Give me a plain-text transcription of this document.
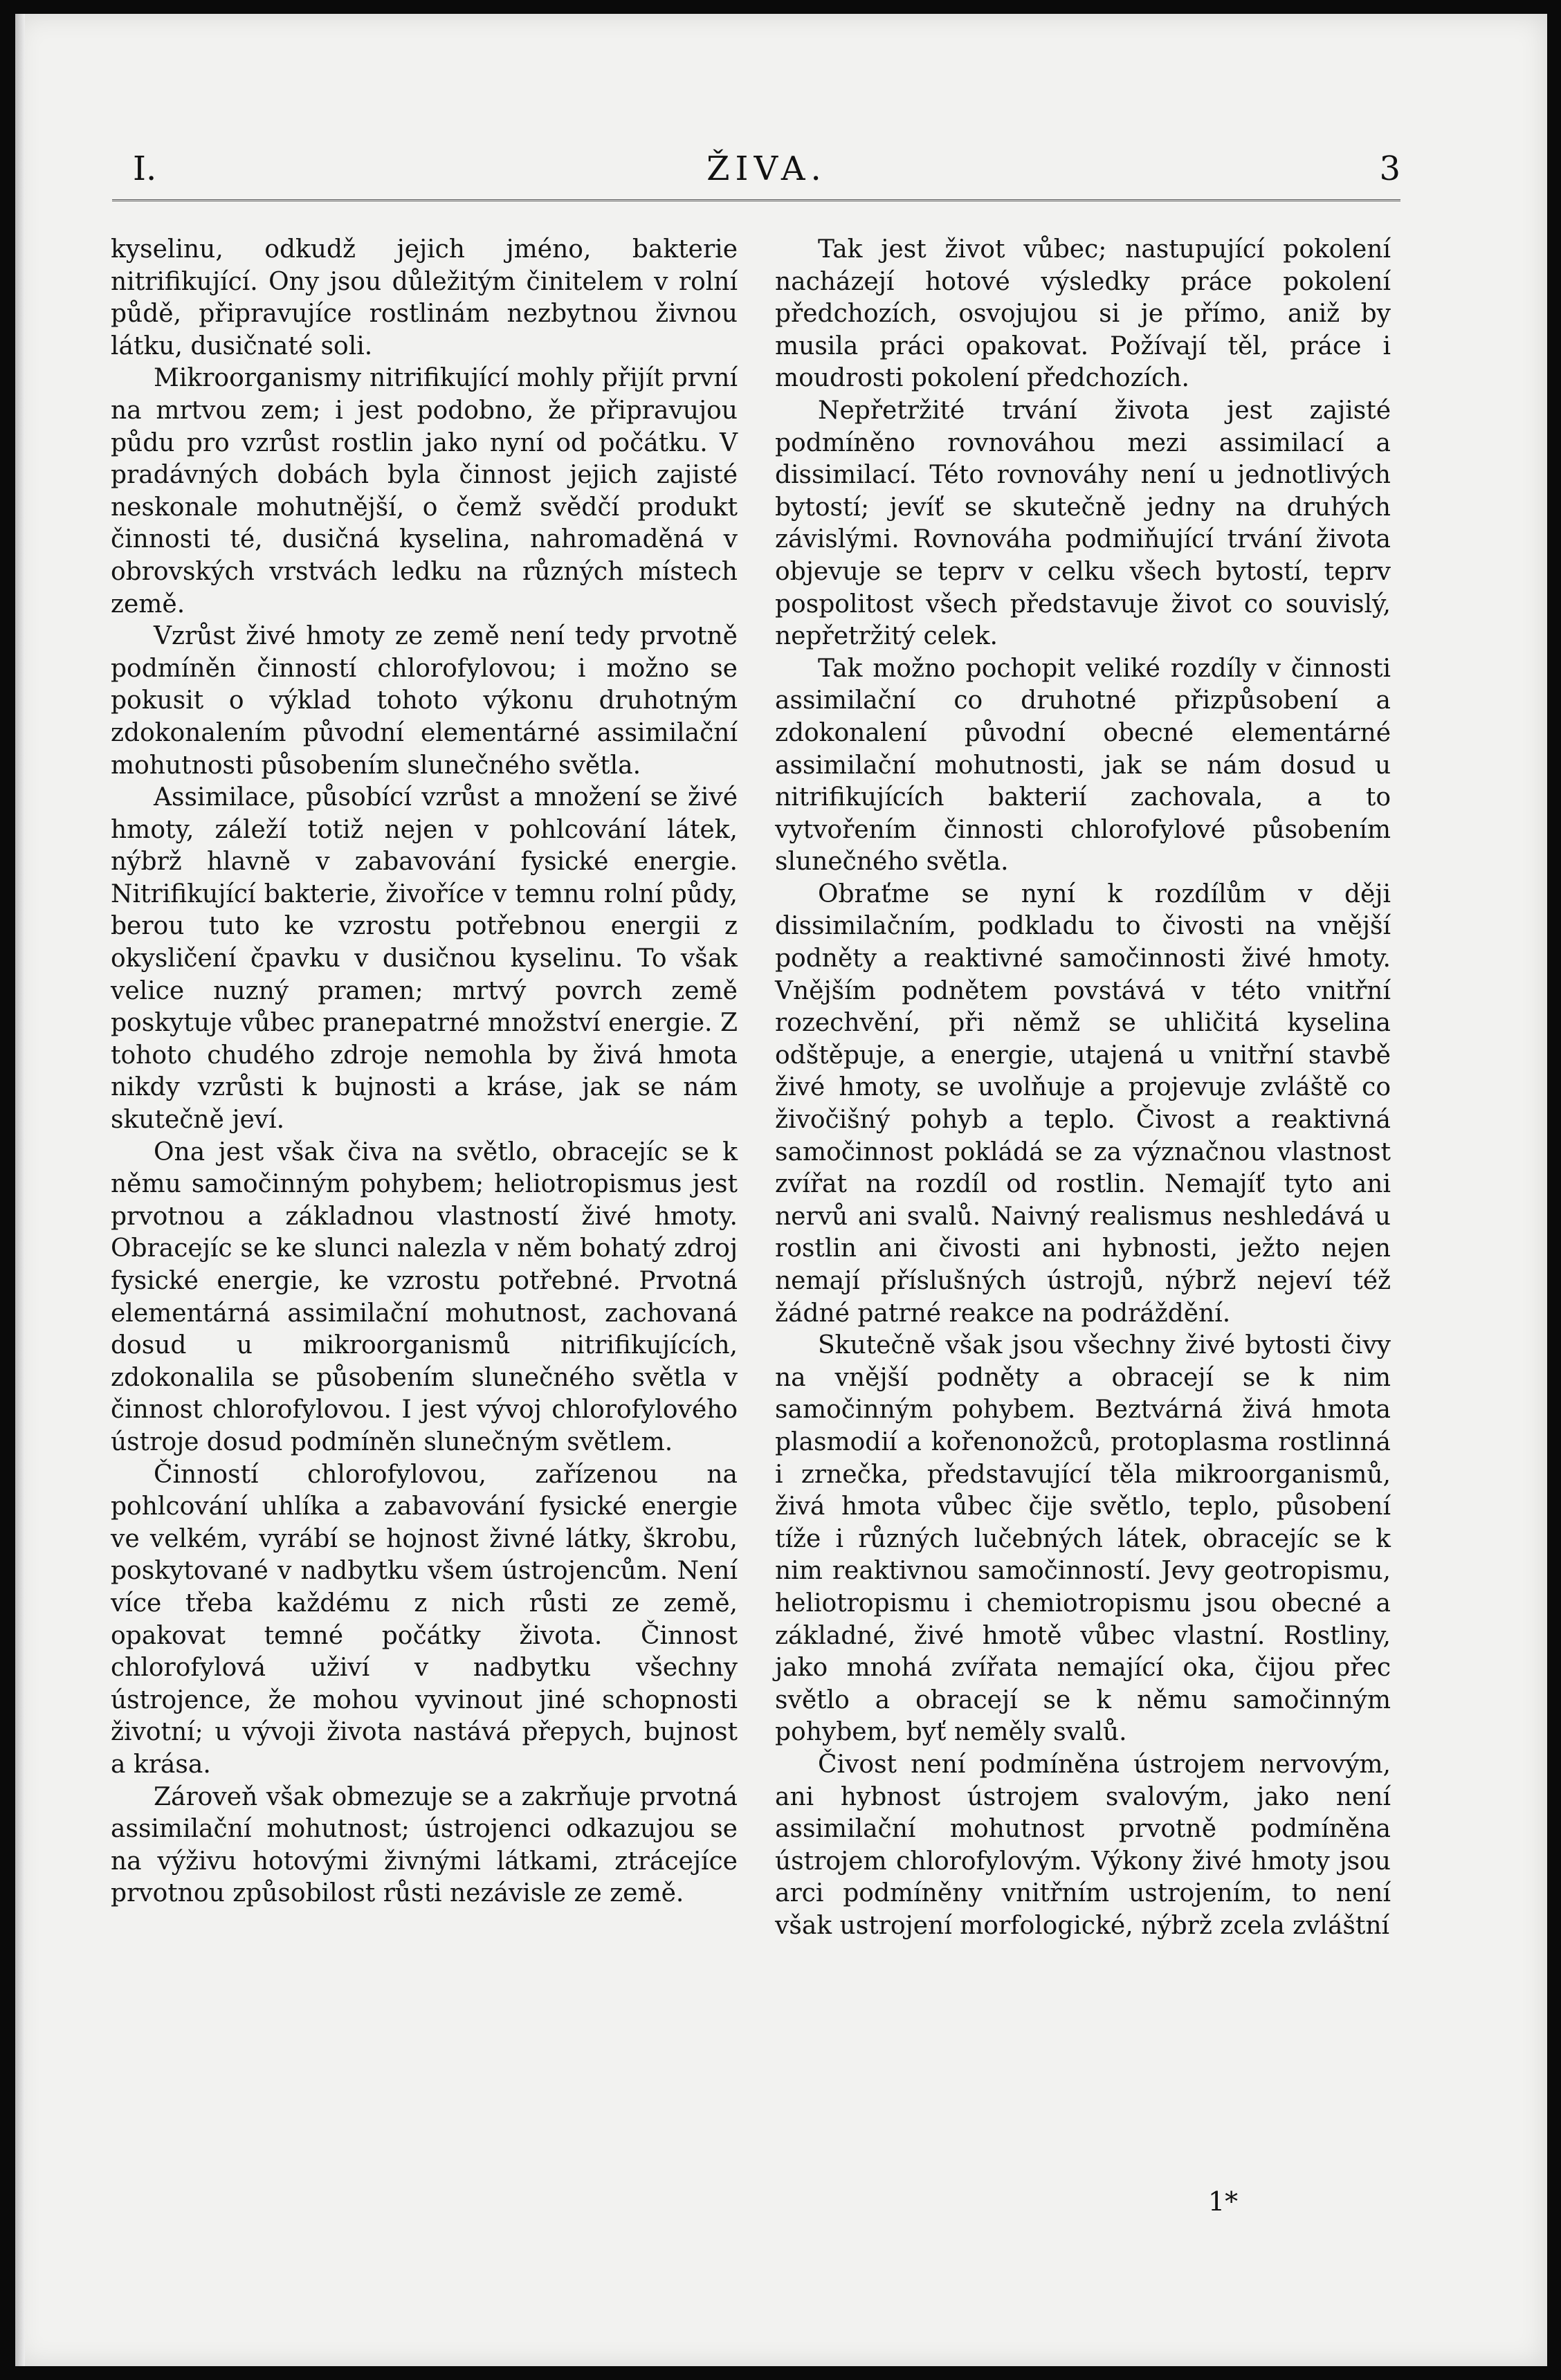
I.	ŽIVA.	3

kyselinu, odkudž jejich jméno, bakterie nitrifikující. Ony jsou důležitým činitelem v rolní půdě, připravujíce rostlinám nezbytnou živnou látku, dusičnaté soli.

Mikroorganismy nitrifikující mohly přijít první na mrtvou zem; i jest podobno, že připravujou půdu pro vzrůst rostlin jako nyní od počátku. V pradávných dobách byla činnost jejich zajisté neskonale mohutnější, o čemž svědčí produkt činnosti té, dusičná kyselina, nahromaděná v obrovských vrstvách ledku na různých místech země.

Vzrůst živé hmoty ze země není tedy prvotně podmíněn činností chlorofylovou; i možno se pokusit o výklad tohoto výkonu druhotným zdokonalením původní elementárné assimilační mohutnosti působením slunečného světla.

Assimilace, působící vzrůst a množení se živé hmoty, záleží totiž nejen v pohlcování látek, nýbrž hlavně v zabavování fysické energie. Nitrifikující bakterie, živoříce v temnu rolní půdy, berou tuto ke vzrostu potřebnou energii z okysličení čpavku v dusičnou kyselinu. To však velice nuzný pramen; mrtvý povrch země poskytuje vůbec pranepatrné množství energie. Z tohoto chudého zdroje nemohla by živá hmota nikdy vzrůsti k bujnosti a kráse, jak se nám skutečně jeví.

Ona jest však čiva na světlo, obracejíc se k němu samočinným pohybem; heliotropismus jest prvotnou a základnou vlastností živé hmoty. Obracejíc se ke slunci nalezla v něm bohatý zdroj fysické energie, ke vzrostu potřebné. Prvotná elementárná assimilační mohutnost, zachovaná dosud u mikroorganismů nitrifikujících, zdokonalila se působením slunečného světla v činnost chlorofylovou. I jest vývoj chlorofylového ústroje dosud podmíněn slunečným světlem.

Činností chlorofylovou, zařízenou na pohlcování uhlíka a zabavování fysické energie ve velkém, vyrábí se hojnost živné látky, škrobu, poskytované v nadbytku všem ústrojencům. Není více třeba každému z nich růsti ze země, opakovat temné počátky života. Činnost chlorofylová uživí v nadbytku všechny ústrojence, že mohou vyvinout jiné schopnosti životní; u vývoji života nastává přepych, bujnost a krása.

Zároveň však obmezuje se a zakrňuje prvotná assimilační mohutnost; ústrojenci odkazujou se na výživu hotovými živnými látkami, ztrácejíce prvotnou způsobilost růsti nezávisle ze země.

Tak jest život vůbec; nastupující pokolení nacházejí hotové výsledky práce pokolení předchozích, osvojujou si je přímo, aniž by musila práci opakovat. Požívají těl, práce i moudrosti pokolení předchozích.

Nepřetržité trvání života jest zajisté podmíněno rovnováhou mezi assimilací a dissimilací. Této rovnováhy není u jednotlivých bytostí; jevíť se skutečně jedny na druhých závislými. Rovnováha podmiňující trvání života objevuje se teprv v celku všech bytostí, teprv pospolitost všech představuje život co souvislý, nepřetržitý celek.

Tak možno pochopit veliké rozdíly v činnosti assimilační co druhotné přizpůsobení a zdokonalení původní obecné elementárné assimilační mohutnosti, jak se nám dosud u nitrifikujících bakterií zachovala, a to vytvořením činnosti chlorofylové působením slunečného světla.

Obraťme se nyní k rozdílům v ději dissimilačním, podkladu to čivosti na vnější podněty a reaktivné samočinnosti živé hmoty. Vnějším podnětem povstává v této vnitřní rozechvění, při němž se uhličitá kyselina odštěpuje, a energie, utajená u vnitřní stavbě živé hmoty, se uvolňuje a projevuje zvláště co živočišný pohyb a teplo. Čivost a reaktivná samočinnost pokládá se za význačnou vlastnost zvířat na rozdíl od rostlin. Nemajíť tyto ani nervů ani svalů. Naivný realismus neshledává u rostlin ani čivosti ani hybnosti, ježto nejen nemají příslušných ústrojů, nýbrž nejeví též žádné patrné reakce na podráždění.

Skutečně však jsou všechny živé bytosti čivy na vnější podněty a obracejí se k nim samočinným pohybem. Beztvárná živá hmota plasmodií a kořenonožců, protoplasma rostlinná i zrnečka, představující těla mikroorganismů, živá hmota vůbec čije světlo, teplo, působení tíže i různých lučebných látek, obracejíc se k nim reaktivnou samočinností. Jevy geotropismu, heliotropismu i chemiotropismu jsou obecné a základné, živé hmotě vůbec vlastní. Rostliny, jako mnohá zvířata nemající oka, čijou přec světlo a obracejí se k němu samočinným pohybem, byť neměly svalů.

Čivost není podmíněna ústrojem nervovým, ani hybnost ústrojem svalovým, jako není assimilační mohutnost prvotně podmíněna ústrojem chlorofylovým. Výkony živé hmoty jsou arci podmíněny vnitřním ustrojením, to není však ustrojení morfologické, nýbrž zcela zvláštní

1*
